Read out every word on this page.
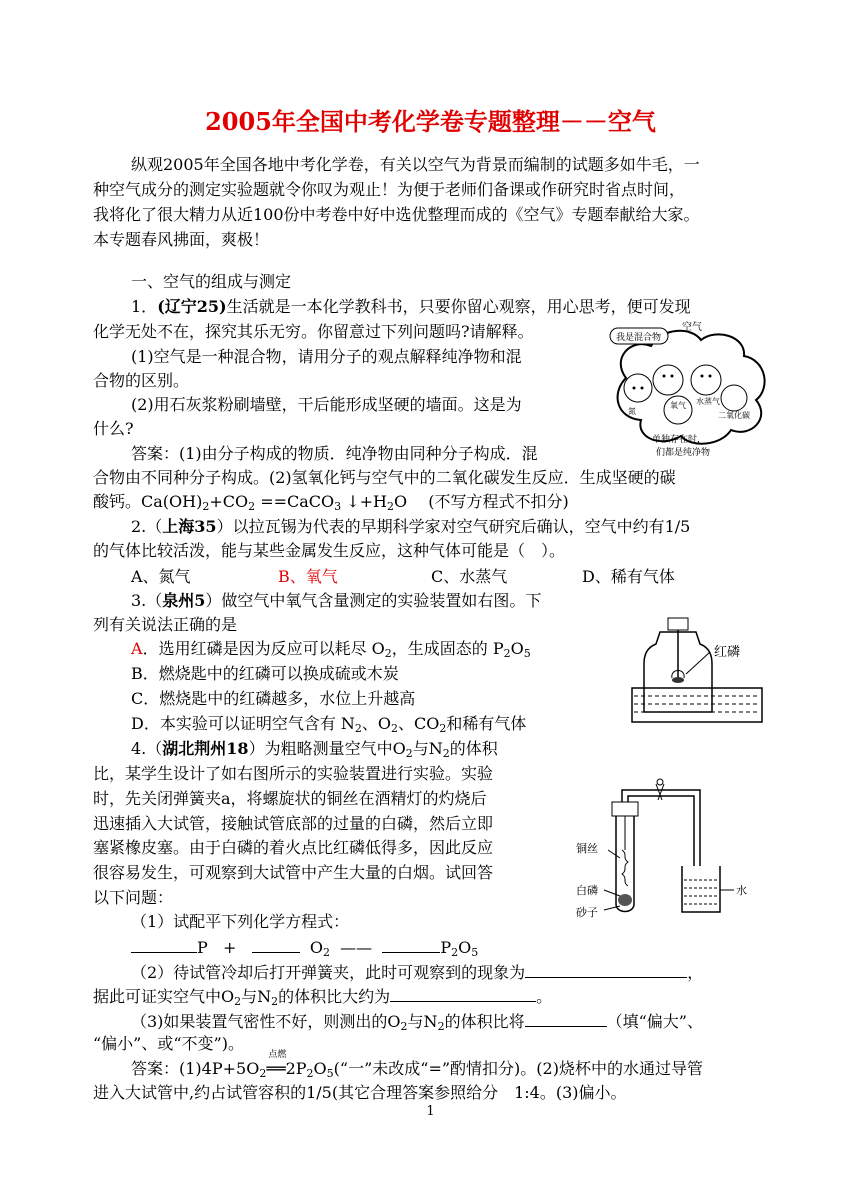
2005年全国中考化学卷专题整理－－空气
纵观2005年全国各地中考化学卷，有关以空气为背景而编制的试题多如牛毛，一
种空气成分的测定实验题就令你叹为观止！为便于老师们备课或作研究时省点时间，
我将化了很大精力从近100份中考卷中好中选优整理而成的《空气》专题奉献给大家。
本专题春风拂面，爽极！
一、空气的组成与测定
1．(辽宁25)生活就是一本化学教科书，只要你留心观察，用心思考，便可发现
化学无处不在，探究其乐无穷。你留意过下列问题吗?请解释。
(1)空气是一种混合物，请用分子的观点解释纯净物和混
合物的区别。
(2)用石灰浆粉刷墙壁，干后能形成坚硬的墙面。这是为
什么?
答案：(1)由分子构成的物质．纯净物由同种分子构成．混
合物由不同种分子构成。(2)氢氧化钙与空气中的二氧化碳发生反应．生成坚硬的碳
酸钙。$Ca(OH)_2+CO_2$ ==CaCO$_3$ $↓+H_2O$　 (不写方程式不扣分)
我是混合物
空气
氮
氧气 水蒸气
二氧化碳
单独存在时，
们都是纯净物
2.（上海35）以拉瓦锡为代表的早期科学家对空气研究后确认，空气中约有1/5
的气体比较活泼，能与某些金属发生反应，这种气体可能是（　）。
A、氮气	B、氧气	C、水蒸气	D、稀有气体
3.（泉州5）做空气中氧气含量测定的实验装置如右图。下
列有关说法正确的是
A．选用红磷是因为反应可以耗尽 $O_2$，生成固态的 $P_2O_5$
B．燃烧匙中的红磷可以换成硫或木炭
C．燃烧匙中的红磷越多，水位上升越高
D．本实验可以证明空气含有 $N_2$、$O_2$、$CO_2$和稀有气体
红磷
4.（湖北荆州18）为粗略测量空气中$O_2$与$N_2$的体积
比，某学生设计了如右图所示的实验装置进行实验。实验
时，先关闭弹簧夹a，将螺旋状的铜丝在酒精灯的灼烧后
迅速插入大试管，接触试管底部的过量的白磷，然后立即
塞紧橡皮塞。由于白磷的着火点比红磷低得多，因此反应
很容易发生，可观察到大试管中产生大量的白烟。试回答
以下问题：
（1）试配平下列化学方程式：
P +	$O_2$ ——	$P_2O_5$
（2）待试管冷却后打开弹簧夹，此时可观察到的现象为	，
据此可证实空气中$O_2$与$N_2$的体积比大约为	。
（3)如果装置气密性不好，则测出的$O_2$与$N_2$的体积比将	（填“偏大”、
“偏小”、或“不变”)。
答案：$(1)4P+5O_2$
点燃
$══2P_2O_5(“$一”未改成“=”酌情扣分)。(2)烧杯中的水通过导管
进入大试管中,约占试管容积的1/5(其它合理答案参照给分　1:4。(3)偏小。
铜丝
白磷
砂子
水
1
